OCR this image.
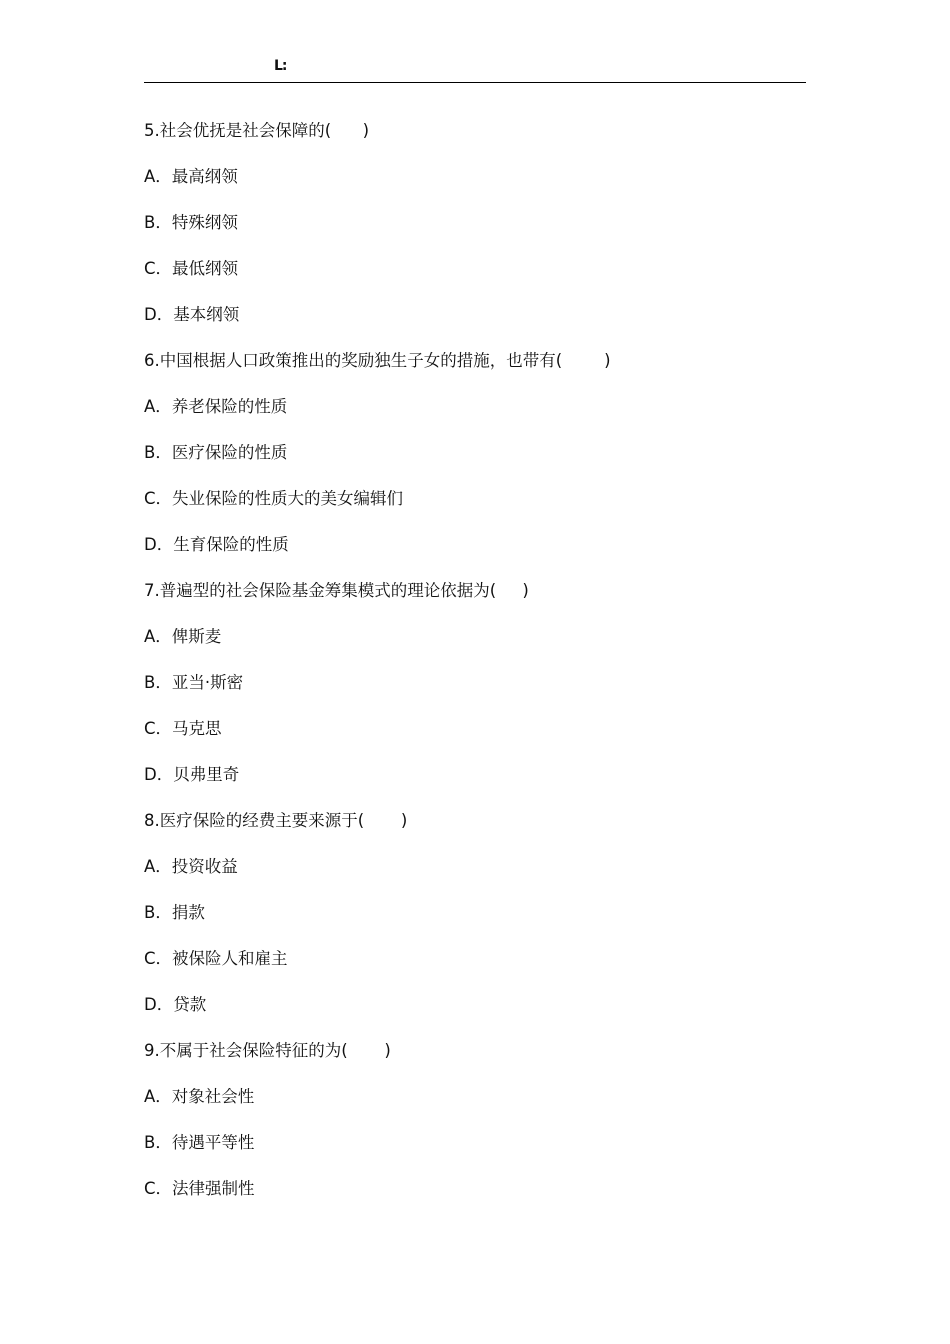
L:
5.社会优抚是社会保障的(      )
A．最高纲领
B．特殊纲领
C．最低纲领
D．基本纲领
6.中国根据人口政策推出的奖励独生子女的措施，也带有(        )
A．养老保险的性质
B．医疗保险的性质
C．失业保险的性质大的美女编辑们
D．生育保险的性质
7.普遍型的社会保险基金筹集模式的理论依据为(     )
A．俾斯麦
B．亚当·斯密
C．马克思
D．贝弗里奇
8.医疗保险的经费主要来源于(       )
A．投资收益
B．捐款
C．被保险人和雇主
D．贷款
9.不属于社会保险特征的为(       )
A．对象社会性
B．待遇平等性
C．法律强制性
